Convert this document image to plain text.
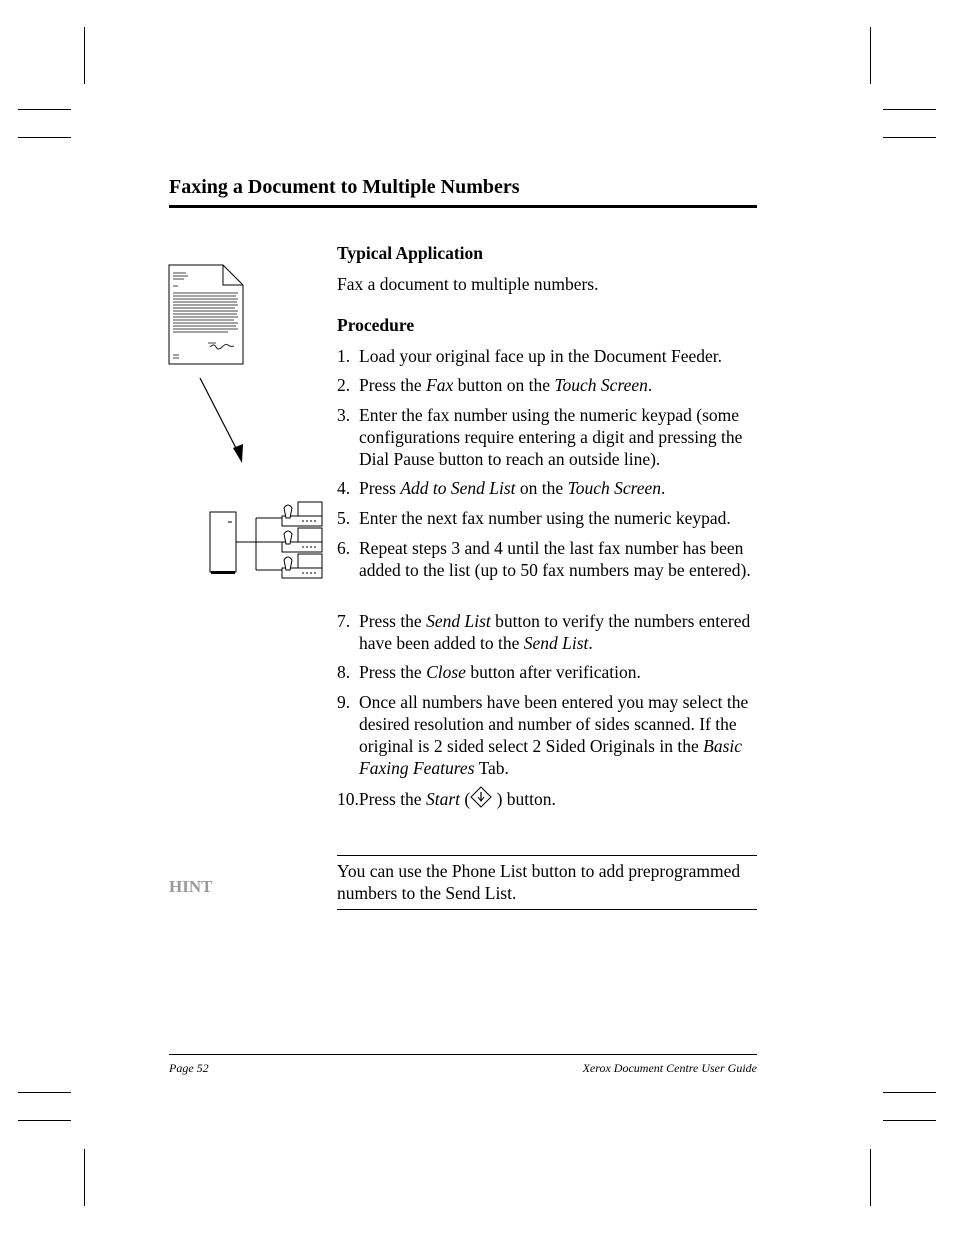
Faxing a Document to Multiple Numbers
Typical Application
Fax a document to multiple numbers.
Procedure
1. Load your original face up in the Document Feeder.
2. Press the Fax button on the Touch Screen.
3. Enter the fax number using the numeric keypad (some configurations require entering a digit and pressing the Dial Pause button to reach an outside line).
4. Press Add to Send List on the Touch Screen.
5. Enter the next fax number using the numeric keypad.
6. Repeat steps 3 and 4 until the last fax number has been added to the list (up to 50 fax numbers may be entered).
7. Press the Send List button to verify the numbers entered have been added to the Send List.
8. Press the Close button after verification.
9. Once all numbers have been entered you may select the desired resolution and number of sides scanned. If the original is 2 sided select 2 Sided Originals in the Basic Faxing Features Tab.
10.Press the Start ( ) button.
HINT
You can use the Phone List button to add preprogrammed numbers to the Send List.
Page 52	Xerox Document Centre User Guide
